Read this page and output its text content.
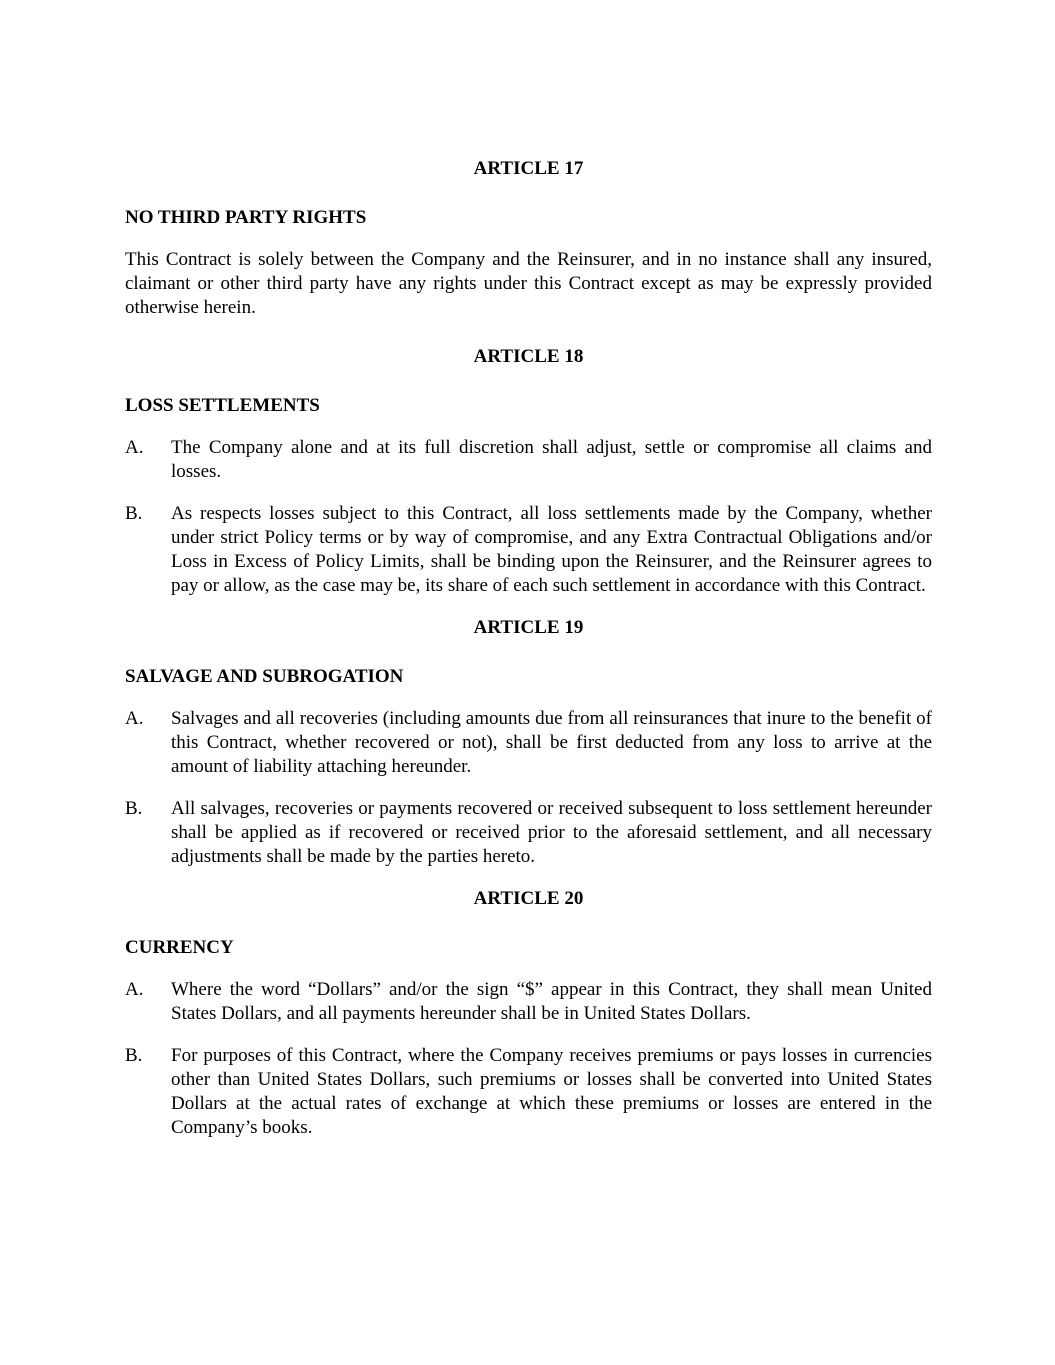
ARTICLE 17
NO THIRD PARTY RIGHTS

This Contract is solely between the Company and the Reinsurer, and in no instance shall any insured, claimant or other third party have any rights under this Contract except as may be expressly provided otherwise herein.

ARTICLE 18
LOSS SETTLEMENTS
A.	The Company alone and at its full discretion shall adjust, settle or compromise all claims and losses.
B.	As respects losses subject to this Contract, all loss settlements made by the Company, whether under strict Policy terms or by way of compromise, and any Extra Contractual Obligations and/or Loss in Excess of Policy Limits, shall be binding upon the Reinsurer, and the Reinsurer agrees to pay or allow, as the case may be, its share of each such settlement in accordance with this Contract.
ARTICLE 19
SALVAGE AND SUBROGATION
A.	Salvages and all recoveries (including amounts due from all reinsurances that inure to the benefit of this Contract, whether recovered or not), shall be first deducted from any loss to arrive at the amount of liability attaching hereunder.
B.	All salvages, recoveries or payments recovered or received subsequent to loss settlement hereunder shall be applied as if recovered or received prior to the aforesaid settlement, and all necessary adjustments shall be made by the parties hereto.
ARTICLE 20
CURRENCY
A.	Where the word “Dollars” and/or the sign “$” appear in this Contract, they shall mean United States Dollars, and all payments hereunder shall be in United States Dollars.
B.	For purposes of this Contract, where the Company receives premiums or pays losses in currencies other than United States Dollars, such premiums or losses shall be converted into United States Dollars at the actual rates of exchange at which these premiums or losses are entered in the Company’s books.
